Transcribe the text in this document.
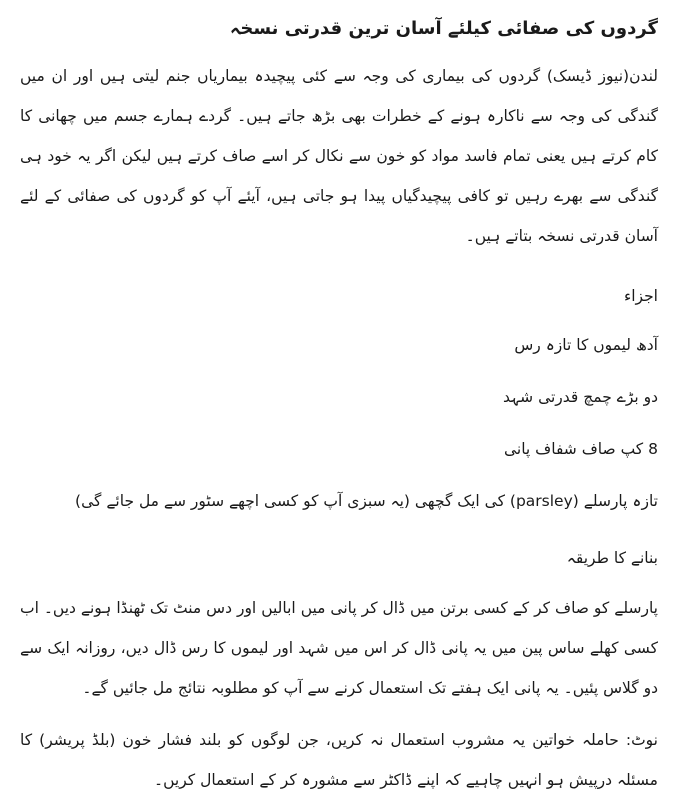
گردوں کی صفائی کیلئے آسان ترین قدرتی نسخہ

لندن(نیوز ڈیسک) گردوں کی بیماری کی وجہ سے کئی پیچیدہ بیماریاں جنم لیتی ہیں اور ان میں گندگی کی وجہ سے ناکارہ ہونے کے خطرات بھی بڑھ جاتے ہیں۔ گردے ہمارے جسم میں چھانی کا کام کرتے ہیں یعنی تمام فاسد مواد کو خون سے نکال کر اسے صاف کرتے ہیں لیکن اگر یہ خود ہی گندگی سے بھرے رہیں تو کافی پیچیدگیاں پیدا ہو جاتی ہیں، آیئے آپ کو گردوں کی صفائی کے لئے آسان قدرتی نسخہ بتاتے ہیں۔

اجزاء

آدھ لیموں کا تازہ رس
دو بڑے چمچ قدرتی شہد
8 کپ صاف شفاف پانی
تازہ پارسلے (parsley) کی ایک گچھی (یہ سبزی آپ کو کسی اچھے سٹور سے مل جائے گی)

بنانے کا طریقہ

پارسلے کو صاف کر کے کسی برتن میں ڈال کر پانی میں ابالیں اور دس منٹ تک ٹھنڈا ہونے دیں۔ اب کسی کھلے ساس پین میں یہ پانی ڈال کر اس میں شہد اور لیموں کا رس ڈال دیں، روزانہ ایک سے دو گلاس پئیں۔ یہ پانی ایک ہفتے تک استعمال کرنے سے آپ کو مطلوبہ نتائج مل جائیں گے۔

نوٹ: حاملہ خواتین یہ مشروب استعمال نہ کریں، جن لوگوں کو بلند فشار خون (بلڈ پریشر) کا مسئلہ درپیش ہو انہیں چاہیے کہ اپنے ڈاکٹر سے مشورہ کر کے استعمال کریں۔
